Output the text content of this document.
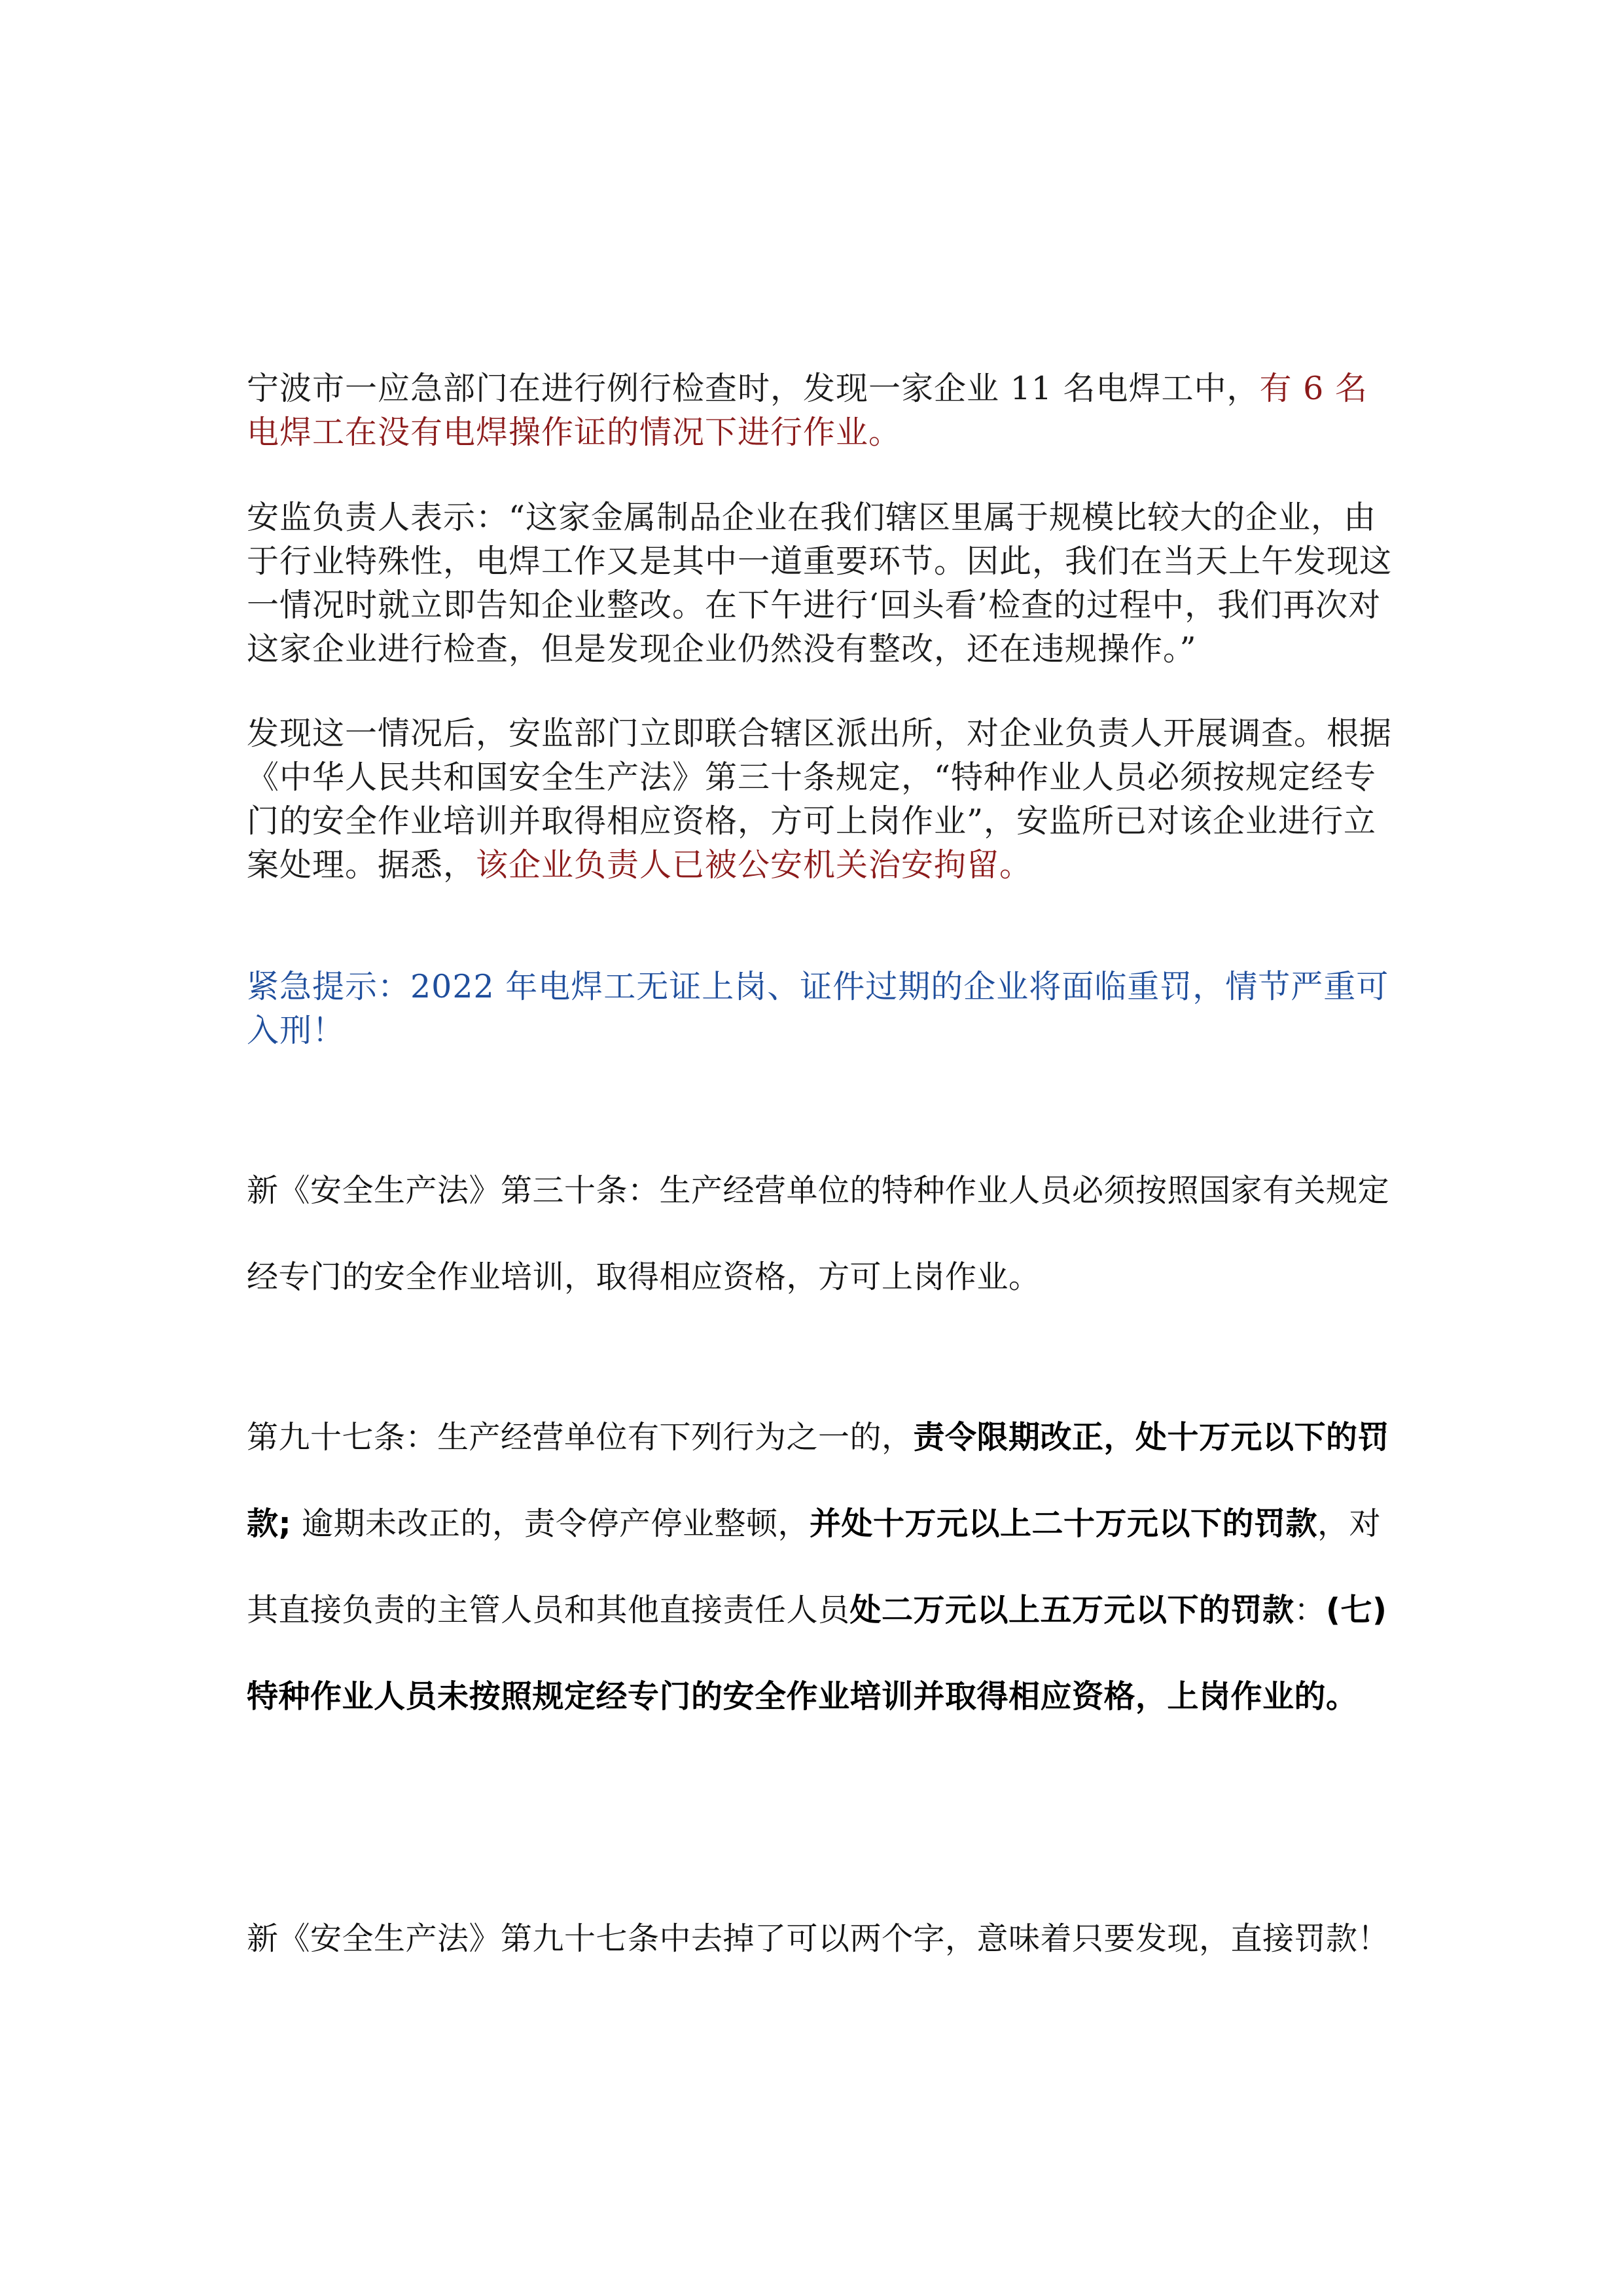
宁波市一应急部门在进行例行检查时，发现一家企业 11 名电焊工中，有 6 名电焊工在没有电焊操作证的情况下进行作业。

安监负责人表示：“这家金属制品企业在我们辖区里属于规模比较大的企业，由于行业特殊性，电焊工作又是其中一道重要环节。因此，我们在当天上午发现这一情况时就立即告知企业整改。在下午进行‘回头看’检查的过程中，我们再次对这家企业进行检查，但是发现企业仍然没有整改，还在违规操作。”

发现这一情况后，安监部门立即联合辖区派出所，对企业负责人开展调查。根据《中华人民共和国安全生产法》第三十条规定，“特种作业人员必须按规定经专门的安全作业培训并取得相应资格，方可上岗作业”，安监所已对该企业进行立案处理。据悉，该企业负责人已被公安机关治安拘留。

紧急提示：2022 年电焊工无证上岗、证件过期的企业将面临重罚，情节严重可入刑！

新《安全生产法》第三十条：生产经营单位的特种作业人员必须按照国家有关规定经专门的安全作业培训，取得相应资格，方可上岗作业。

第九十七条：生产经营单位有下列行为之一的，责令限期改正，处十万元以下的罚款; 逾期未改正的，责令停产停业整顿，并处十万元以上二十万元以下的罚款，对其直接负责的主管人员和其他直接责任人员处二万元以上五万元以下的罚款：(七)特种作业人员未按照规定经专门的安全作业培训并取得相应资格，上岗作业的。

新《安全生产法》第九十七条中去掉了可以两个字，意味着只要发现，直接罚款！
